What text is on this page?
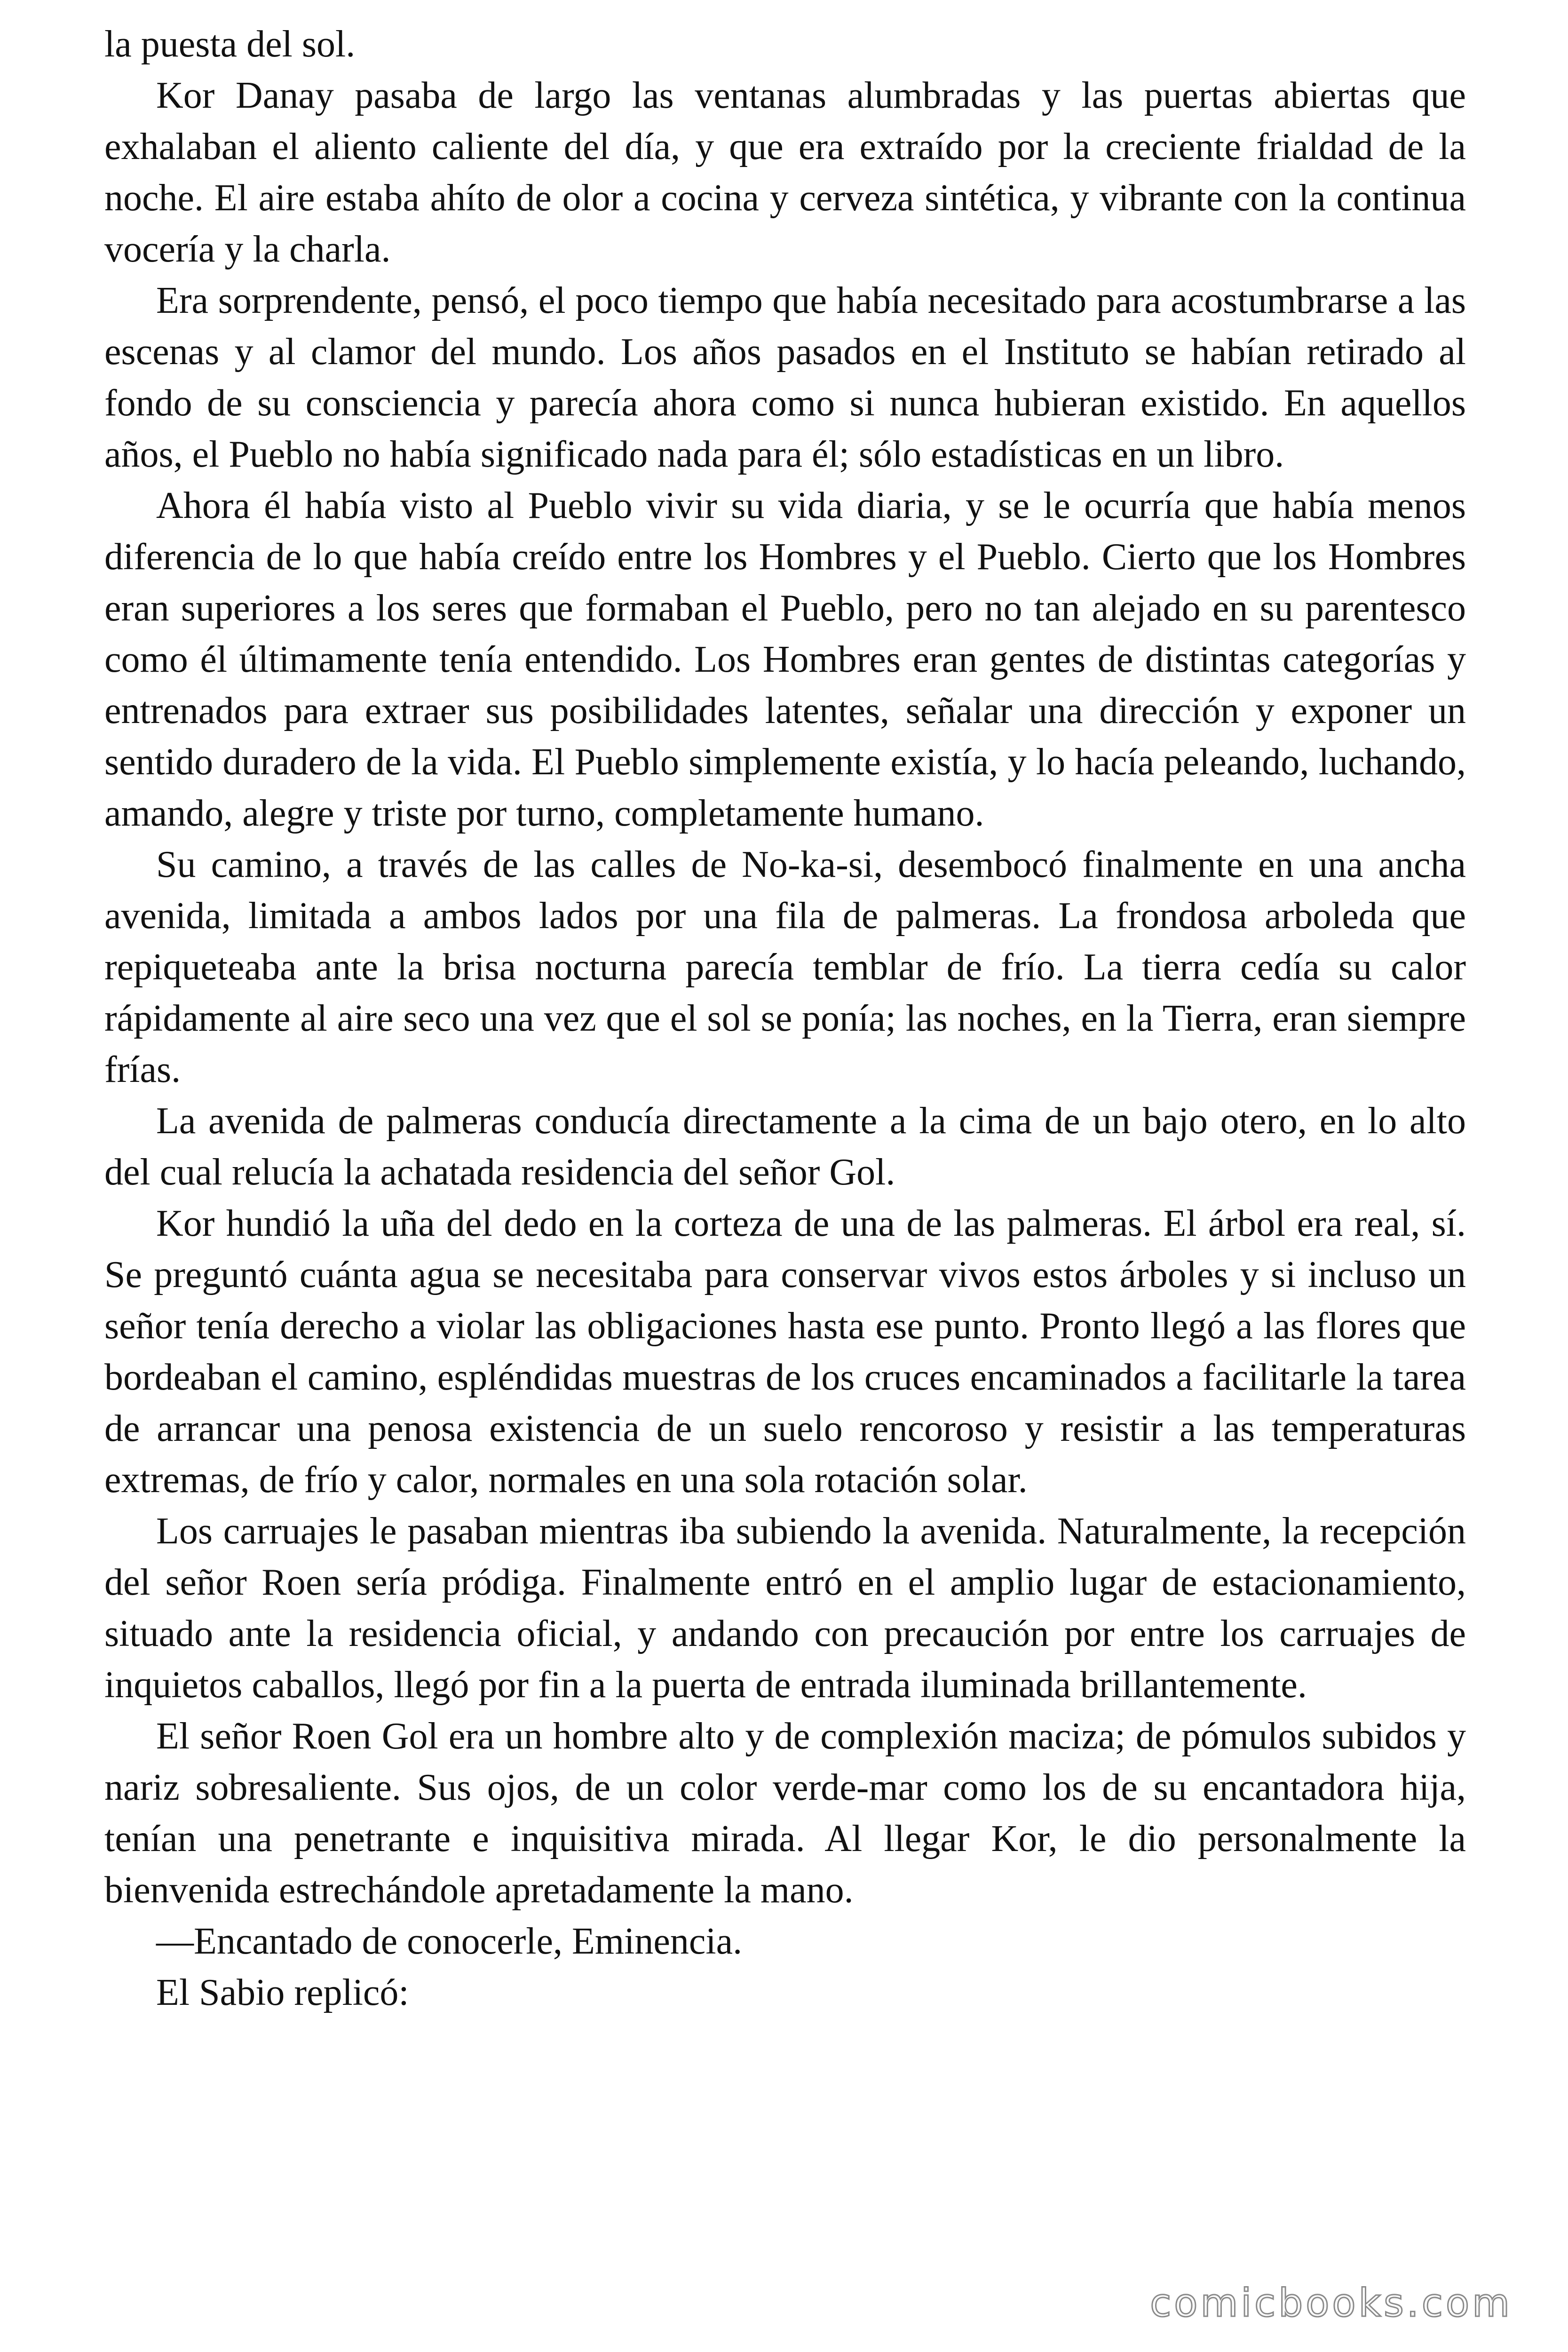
la puesta del sol.

Kor Danay pasaba de largo las ventanas alumbradas y las puertas abiertas que exhalaban el aliento caliente del día, y que era extraído por la creciente frialdad de la noche. El aire estaba ahíto de olor a cocina y cerveza sintética, y vibrante con la continua vocería y la charla.

Era sorprendente, pensó, el poco tiempo que había necesitado para acostumbrarse a las escenas y al clamor del mundo. Los años pasados en el Instituto se habían retirado al fondo de su consciencia y parecía ahora como si nunca hubieran existido. En aquellos años, el Pueblo no había significado nada para él; sólo estadísticas en un libro.

Ahora él había visto al Pueblo vivir su vida diaria, y se le ocurría que había menos diferencia de lo que había creído entre los Hombres y el Pueblo. Cierto que los Hombres eran superiores a los seres que formaban el Pueblo, pero no tan alejado en su parentesco como él últimamente tenía entendido. Los Hombres eran gentes de distintas categorías y entrenados para extraer sus posibilidades latentes, señalar una dirección y exponer un sentido duradero de la vida. El Pueblo simplemente existía, y lo hacía peleando, luchando, amando, alegre y triste por turno, completamente humano.

Su camino, a través de las calles de No-ka-si, desembocó finalmente en una ancha avenida, limitada a ambos lados por una fila de palmeras. La frondosa arboleda que repiqueteaba ante la brisa nocturna parecía temblar de frío. La tierra cedía su calor rápidamente al aire seco una vez que el sol se ponía; las noches, en la Tierra, eran siempre frías.

La avenida de palmeras conducía directamente a la cima de un bajo otero, en lo alto del cual relucía la achatada residencia del señor Gol.

Kor hundió la uña del dedo en la corteza de una de las palmeras. El árbol era real, sí. Se preguntó cuánta agua se necesitaba para conservar vivos estos árboles y si incluso un señor tenía derecho a violar las obligaciones hasta ese punto. Pronto llegó a las flores que bordeaban el camino, espléndidas muestras de los cruces encaminados a facilitarle la tarea de arrancar una penosa existencia de un suelo rencoroso y resistir a las temperaturas extremas, de frío y calor, normales en una sola rotación solar.

Los carruajes le pasaban mientras iba subiendo la avenida. Naturalmente, la recepción del señor Roen sería pródiga. Finalmente entró en el amplio lugar de estacionamiento, situado ante la residencia oficial, y andando con precaución por entre los carruajes de inquietos caballos, llegó por fin a la puerta de entrada iluminada brillantemente.

El señor Roen Gol era un hombre alto y de complexión maciza; de pómulos subidos y nariz sobresaliente. Sus ojos, de un color verde-mar como los de su encantadora hija, tenían una penetrante e inquisitiva mirada. Al llegar Kor, le dio personalmente la bienvenida estrechándole apretadamente la mano.

—Encantado de conocerle, Eminencia.

El Sabio replicó:

comicbooks.com
